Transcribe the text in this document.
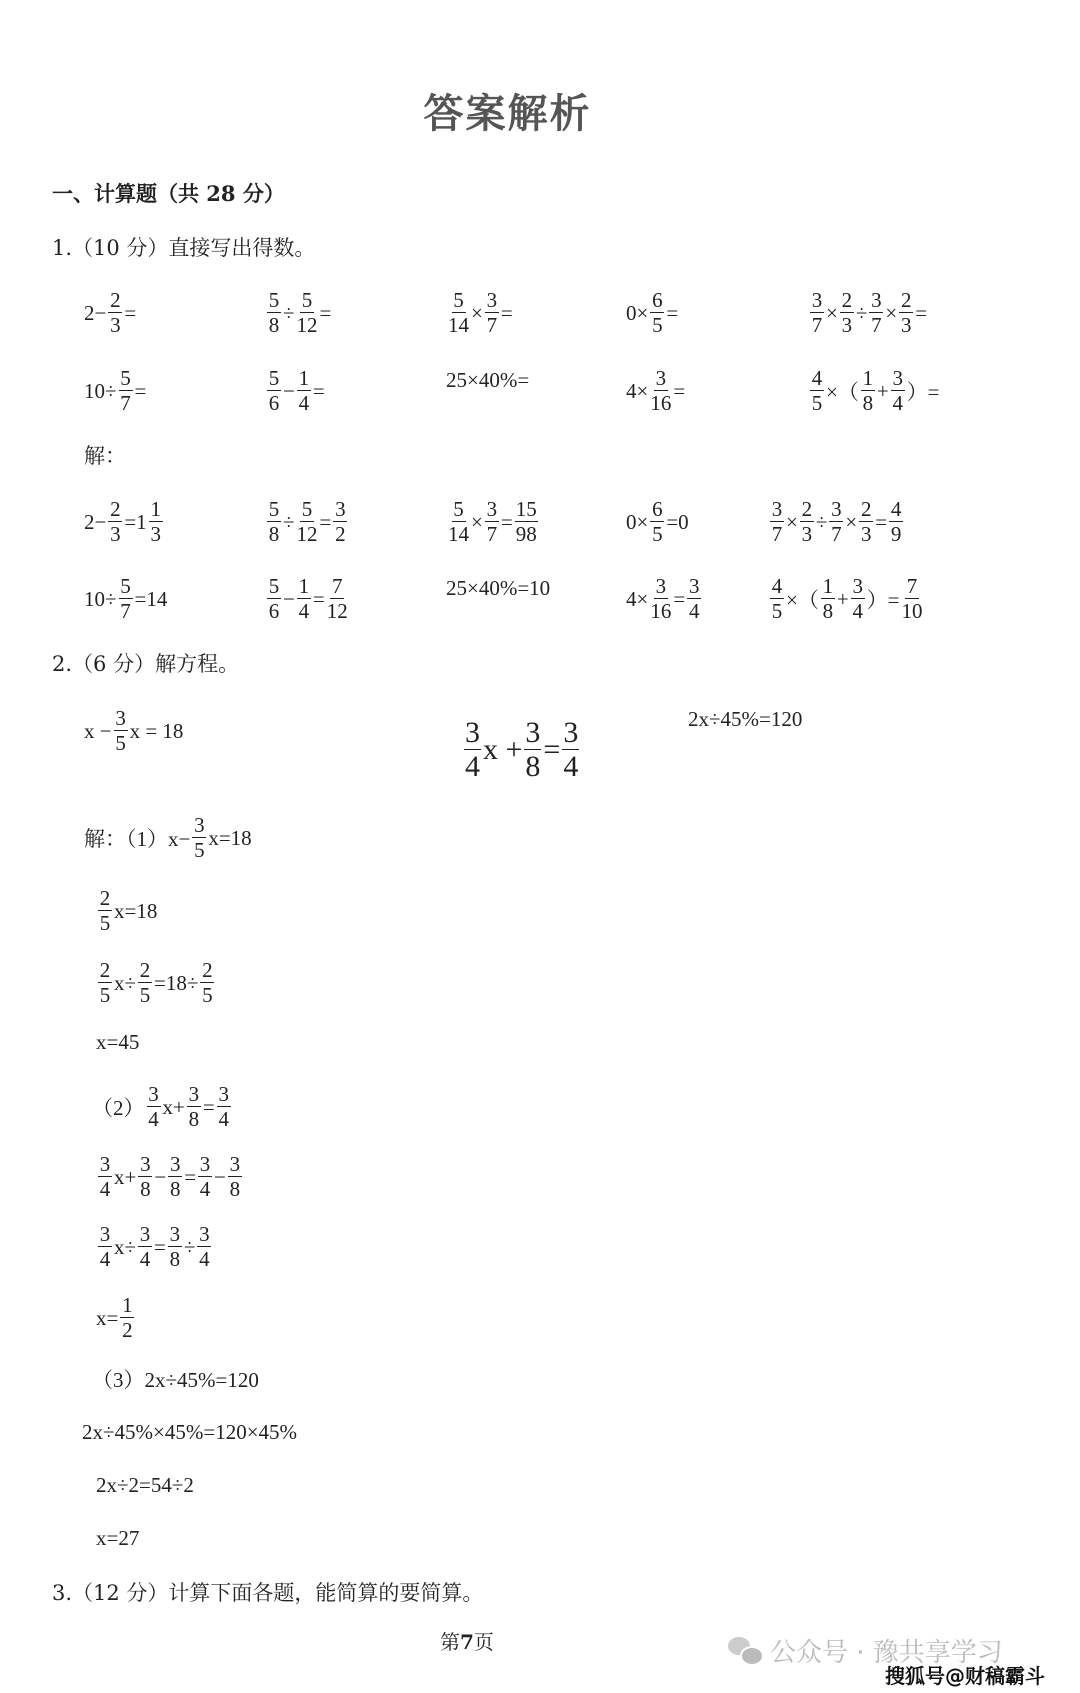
答案解析
一、计算题（共 28 分）
1.（10 分）直接写出得数。
解：
2.（6 分）解方程。
3.（12 分）计算下面各题，能简算的要简算。
$2- \frac{2}{3}$ =	$\frac{5}{8} \div \frac{5}{12}$ =	$\frac{5}{14} \times \frac{3}{7}$ =	$0\times \frac{6}{5}$ =	$\frac{3}{7} \times \frac{2}{3} \div \frac{3}{7} \times \frac{2}{3}$ =
$10\div \frac{5}{7}$ =	$\frac{5}{6} - \frac{1}{4}$ =	25×40%=	$4\times \frac{3}{16}$ =	$\frac{4}{5}$ ×（ $\frac{1}{8} + \frac{3}{4}$ ）=
$2- \frac{2}{3} =1 \frac{1}{3}$	$\frac{5}{8} \div \frac{5}{12} = \frac{3}{2}$	$\frac{5}{14} \times \frac{3}{7} = \frac{15}{98}$	$0\times \frac{6}{5} =0$	$\frac{3}{7} \times \frac{2}{3} \div \frac{3}{7} \times \frac{2}{3} = \frac{4}{9}$
$10\div \frac{5}{7} =14$	$\frac{5}{6} - \frac{1}{4} = \frac{7}{12}$	25×40%=10	$4\times \frac{3}{16} = \frac{3}{4}$	$\frac{4}{5}$ ×（ $\frac{1}{8} + \frac{3}{4}$ ）= $\frac{7}{10}$
$x - \frac{3}{5}$ x = 18	$\frac{3}{4}$ $x + \frac{3}{8} = \frac{3}{4}$	2x÷45%=120
解：$(1)x- \frac{3}{5} x=18$
$\frac{2}{5} x=18$
$\frac{2}{5} x\div \frac{2}{5} =18\div \frac{2}{5}$
x=45
$(2) \frac{3}{4} x+ \frac{3}{8} = \frac{3}{4}$
$\frac{3}{4} x+ \frac{3}{8} - \frac{3}{8} = \frac{3}{4} - \frac{3}{8}$
$\frac{3}{4} x\div \frac{3}{4} = \frac{3}{8} \div \frac{3}{4}$
$x= \frac{1}{2}$
（3）2x÷45%=120
2x÷45%×45%=120×45%
2x÷2=54÷2
x=27
第7页	公众号 · 豫共享学习
搜狐号@财稿霸斗
